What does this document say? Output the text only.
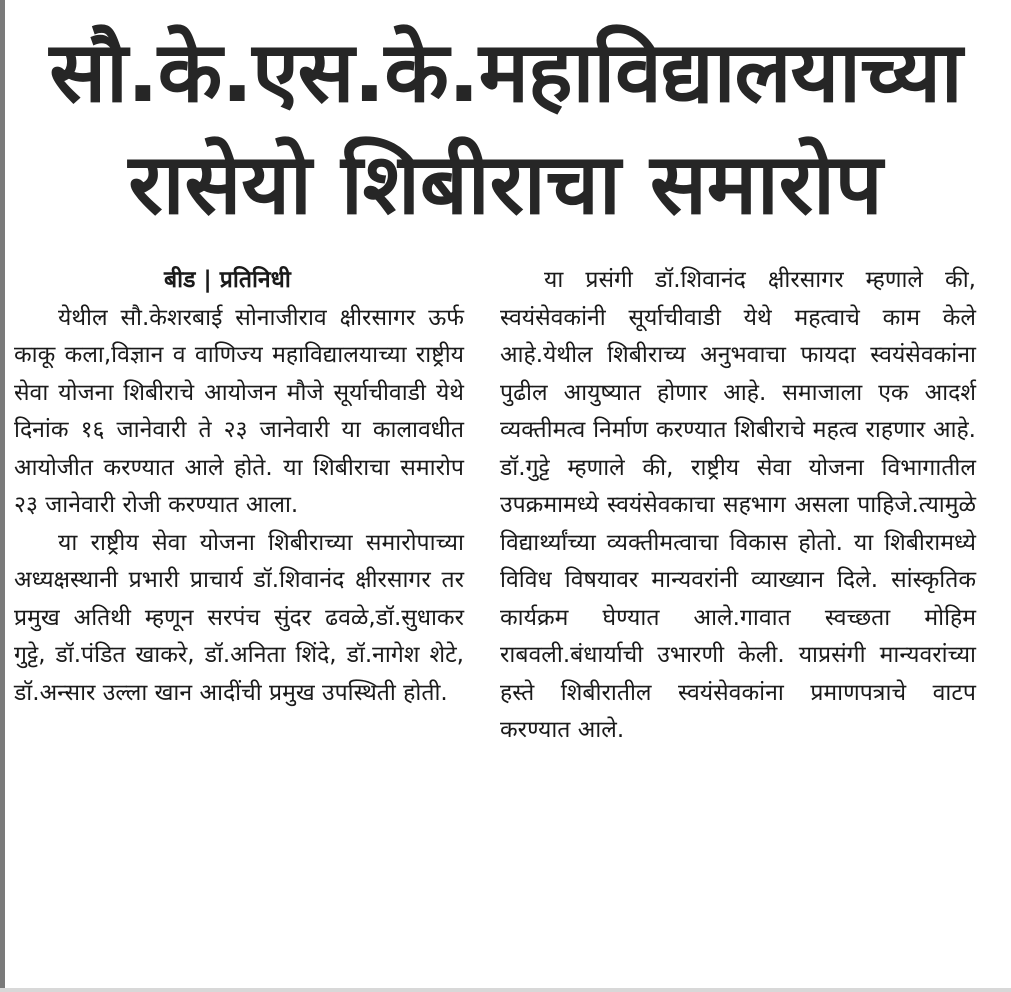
सौ.के.एस.के.महाविद्यालयाच्या
रासेयो शिबीराचा समारोप
बीड | प्रतिनिधी

येथील सौ.केशरबाई सोनाजीराव क्षीरसागर ऊर्फ काकू कला,विज्ञान व वाणिज्य महाविद्यालयाच्या राष्ट्रीय सेवा योजना शिबीराचे आयोजन मौजे सूर्याचीवाडी येथे दिनांक १६ जानेवारी ते २३ जानेवारी या कालावधीत आयोजीत करण्यात आले होते. या शिबीराचा समारोप २३ जानेवारी रोजी करण्यात आला.

या राष्ट्रीय सेवा योजना शिबीराच्या समारोपाच्या अध्यक्षस्थानी प्रभारी प्राचार्य डॉ.शिवानंद क्षीरसागर तर प्रमुख अतिथी म्हणून सरपंच सुंदर ढवळे,डॉ.सुधाकर गुट्टे, डॉ.पंडित खाकरे, डॉ.अनिता शिंदे, डॉ.नागेश शेटे, डॉ.अन्सार उल्ला खान आदींची प्रमुख उपस्थिती होती.

या प्रसंगी डॉ.शिवानंद क्षीरसागर म्हणाले की, स्वयंसेवकांनी सूर्याचीवाडी येथे महत्वाचे काम केले आहे.येथील शिबीराच्य अनुभवाचा फायदा स्वयंसेवकांना पुढील आयुष्यात होणार आहे. समाजाला एक आदर्श व्यक्तीमत्व निर्माण करण्यात शिबीराचे महत्व राहणार आहे. डॉ.गुट्टे म्हणाले की, राष्ट्रीय सेवा योजना विभागातील उपक्रमामध्ये स्वयंसेवकाचा सहभाग असला पाहिजे.त्यामुळे विद्यार्थ्यांच्या व्यक्तीमत्वाचा विकास होतो. या शिबीरामध्ये विविध विषयावर मान्यवरांनी व्याख्यान दिले. सांस्कृतिक कार्यक्रम घेण्यात आले.गावात स्वच्छता मोहिम राबवली.बंधार्याची उभारणी केली. याप्रसंगी मान्यवरांच्या हस्ते शिबीरातील स्वयंसेवकांना प्रमाणपत्राचे वाटप करण्यात आले.
